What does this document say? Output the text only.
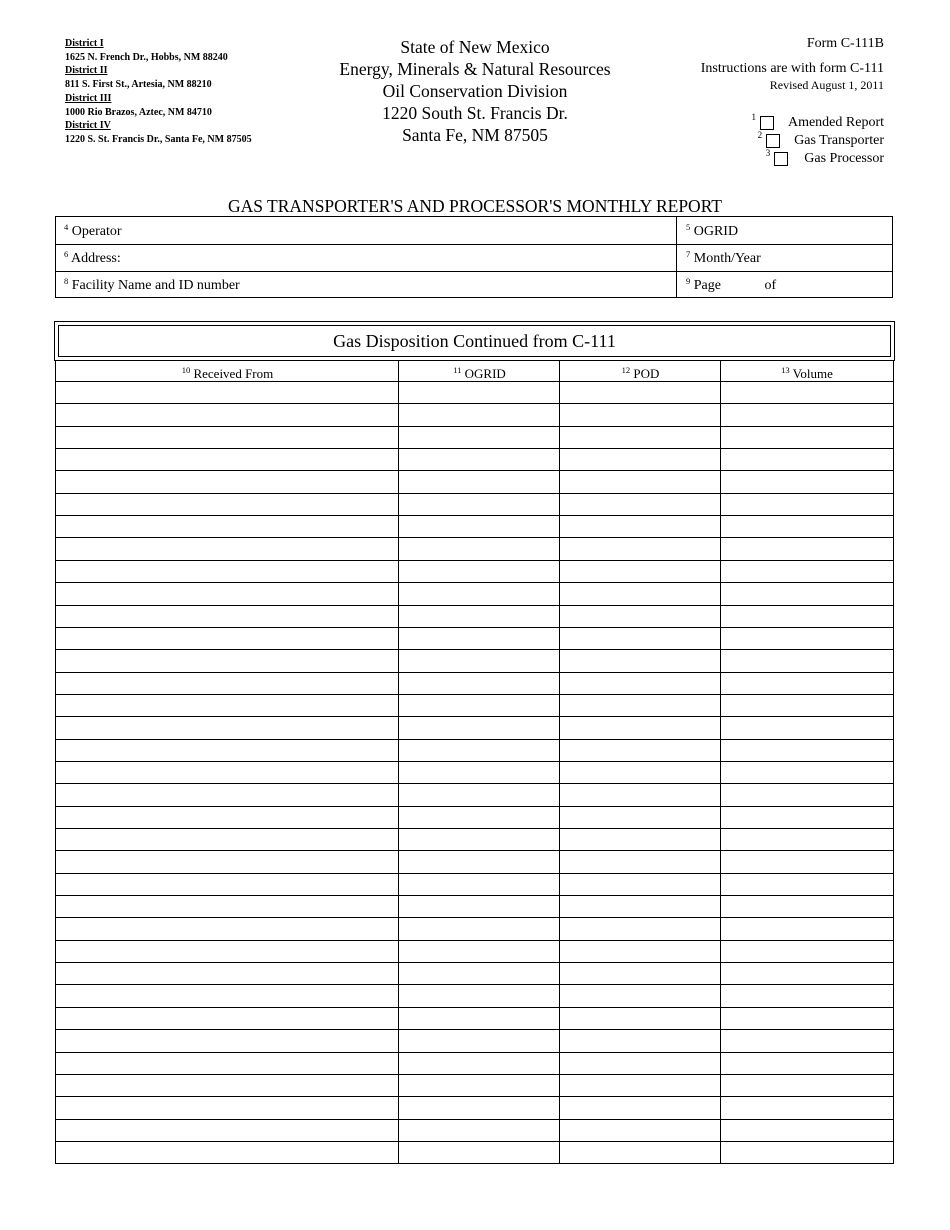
District I
1625 N. French Dr., Hobbs, NM 88240
District II
811 S. First St., Artesia, NM 88210
District III
1000 Rio Brazos, Aztec, NM 84710
District IV
1220 S. St. Francis Dr., Santa Fe, NM 87505
State of New Mexico
Energy, Minerals & Natural Resources
Oil Conservation Division
1220 South St. Francis Dr.
Santa Fe, NM 87505
Form C-111B
Instructions are with form C-111
Revised August 1, 2011
$^1$ Amended Report
$^2$ Gas Transporter
$^3$ Gas Processor
GAS TRANSPORTER'S AND PROCESSOR'S MONTHLY REPORT
$^4$ Operator	$^5$ OGRID
$^6$ Address:	$^7$ Month/Year
$^8$ Facility Name and ID number	$^9$ Page	of
Gas Disposition Continued from C-111
$^{10}$ Received From	$^{11}$ OGRID	$^{12}$ POD	$^{13}$ Volume
